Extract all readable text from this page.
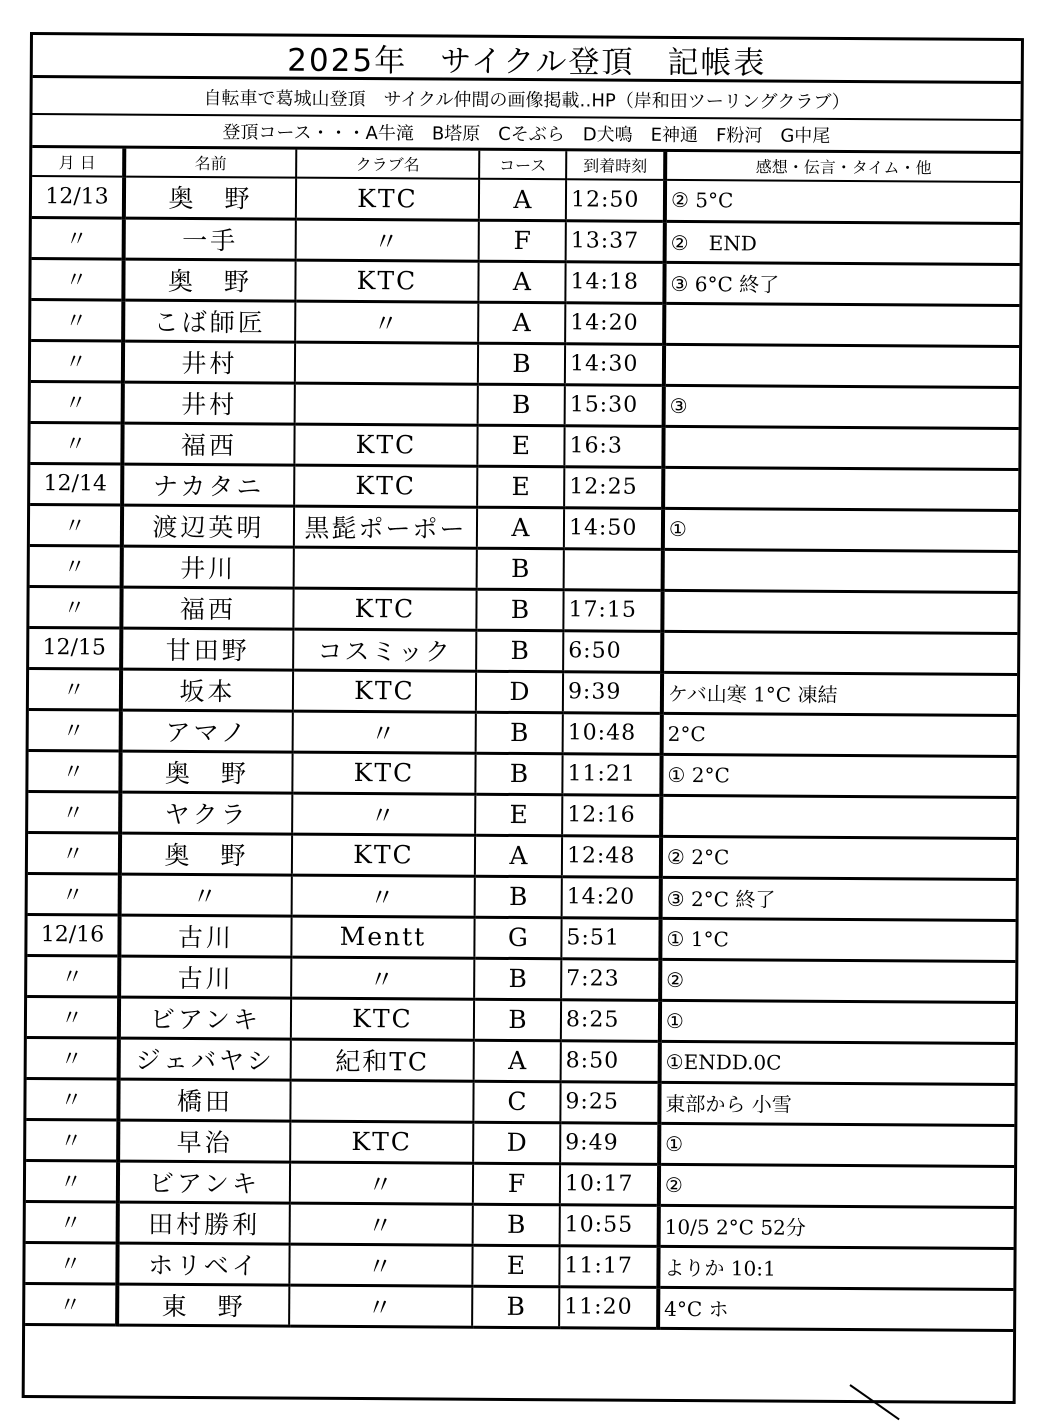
2025年　サイクル登頂　記帳表
自転車で葛城山登頂　サイクル仲間の画像掲載‥HP（岸和田ツーリングクラブ）
登頂コース・・・A牛滝　B塔原　Cそぶら　D犬鳴　E神通　F粉河　G中尾
月 日	名前	クラブ名	コース	到着時刻	感想・伝言・タイム・他
12/13	奥　野	KTC	A	12:50	② 5°C
〃	一手	〃	F	13:37	②　END
〃	奥　野	KTC	A	14:18	③ 6°C 終了
〃	こば師匠	〃	A	14:20	
〃	井村		B	14:30	
〃	井村		B	15:30	③
〃	福西	KTC	E	16:3	
12/14	ナカタニ	KTC	E	12:25	
〃	渡辺英明	黒髭ポーポー	A	14:50	①
〃	井川		B		
〃	福西	KTC	B	17:15	
12/15	甘田野	コスミック	B	6:50	
〃	坂本	KTC	D	9:39	ケバ山寒 1°C 凍結
〃	アマノ	〃	B	10:48	2°C
〃	奥　野	KTC	B	11:21	① 2°C
〃	ヤクラ	〃	E	12:16	
〃	奥　野	KTC	A	12:48	② 2°C
〃	〃	〃	B	14:20	③ 2°C 終了
12/16	古川	Mentt	G	5:51	① 1°C
〃	古川	〃	B	7:23	②
〃	ビアンキ	KTC	B	8:25	①
〃	ジェバヤシ	紀和TC	A	8:50	①ENDD.0C
〃	橋田		C	9:25	東部から 小雪
〃	早治	KTC	D	9:49	①
〃	ビアンキ	〃	F	10:17	②
〃	田村勝利	〃	B	10:55	10/5 2°C 52分
〃	ホリベイ	〃	E	11:17	よりか 10:1
〃	東　野	〃	B	11:20	4°C ホ
